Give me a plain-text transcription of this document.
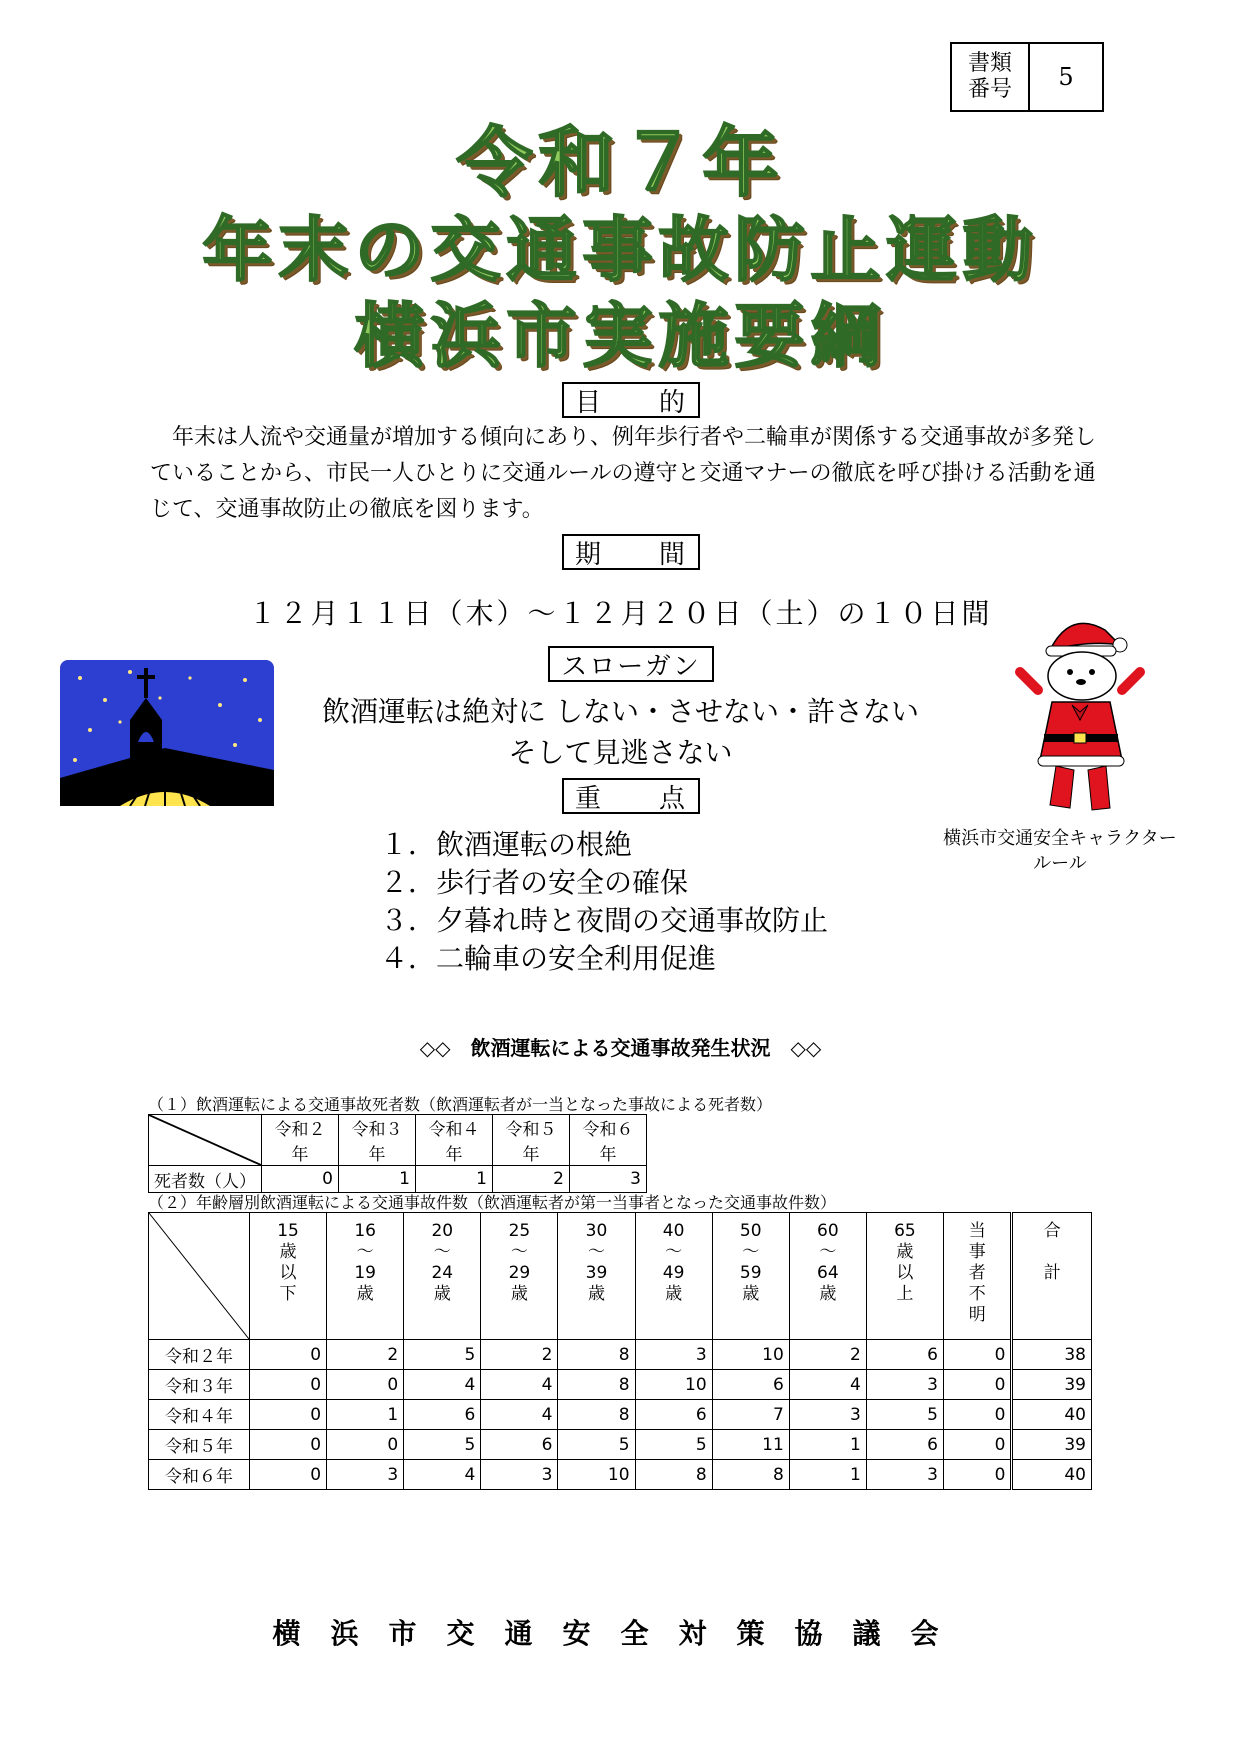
書類
番号	5
令和７年
年末の交通事故防止運動
横浜市実施要綱
目　　的
年末は人流や交通量が増加する傾向にあり、例年歩行者や二輪車が関係する交通事故が多発していることから、市民一人ひとりに交通ルールの遵守と交通マナーの徹底を呼び掛ける活動を通じて、交通事故防止の徹底を図ります。
期　　間
１２月１１日（木）～１２月２０日（土）の１０日間
スローガン
飲酒運転は絶対に しない・させない・許さない
そして見逃さない
横浜市交通安全キャラクター
ルール
重　　点
１．飲酒運転の根絶
２．歩行者の安全の確保
３．夕暮れ時と夜間の交通事故防止
４．二輪車の安全利用促進
◇◇　飲酒運転による交通事故発生状況　◇◇
（１）飲酒運転による交通事故死者数（飲酒運転者が一当となった事故による死者数）
	令和２年	令和３年	令和４年	令和５年	令和６年
死者数（人）	0	1	1	2	3
（２）年齢層別飲酒運転による交通事故件数（飲酒運転者が第一当事者となった交通事故件数）

15
歳
以
下	16
～
19
歳	20
～
24
歳	25
～
29
歳	30
～
39
歳	40
～
49
歳	50
～
59
歳	60
～
64
歳	65
歳
以
上	当
事
者
不
明	合
計

令和２年	0	2	5	2	8	3	10	2	6	0	38
令和３年	0	0	4	4	8	10	6	4	3	0	39
令和４年	0	1	6	4	8	6	7	3	5	0	40
令和５年	0	0	5	6	5	5	11	1	6	0	39
令和６年	0	3	4	3	10	8	8	1	3	0	40
横浜市交通安全対策協議会
